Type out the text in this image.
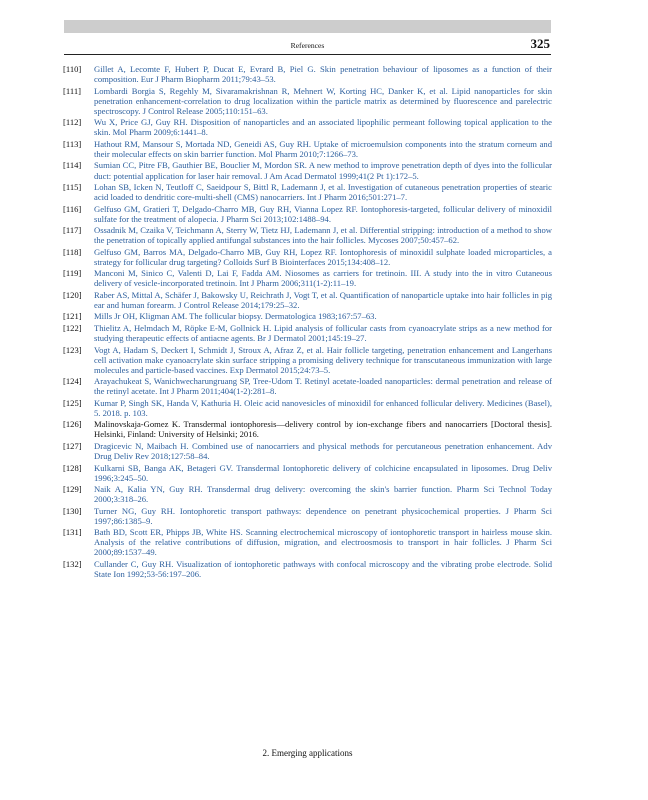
References	325
[110] Gillet A, Lecomte F, Hubert P, Ducat E, Evrard B, Piel G. Skin penetration behaviour of liposomes as a function of their composition. Eur J Pharm Biopharm 2011;79:43–53.
[111] Lombardi Borgia S, Regehly M, Sivaramakrishnan R, Mehnert W, Korting HC, Danker K, et al. Lipid nanoparticles for skin penetration enhancement-correlation to drug localization within the particle matrix as determined by fluorescence and parelectric spectroscopy. J Control Release 2005;110:151–63.
[112] Wu X, Price GJ, Guy RH. Disposition of nanoparticles and an associated lipophilic permeant following topical application to the skin. Mol Pharm 2009;6:1441–8.
[113] Hathout RM, Mansour S, Mortada ND, Geneidi AS, Guy RH. Uptake of microemulsion components into the stratum corneum and their molecular effects on skin barrier function. Mol Pharm 2010;7:1266–73.
[114] Sumian CC, Pitre FB, Gauthier BE, Bouclier M, Mordon SR. A new method to improve penetration depth of dyes into the follicular duct: potential application for laser hair removal. J Am Acad Dermatol 1999;41(2 Pt 1):172–5.
[115] Lohan SB, Icken N, Teutloff C, Saeidpour S, Bittl R, Lademann J, et al. Investigation of cutaneous penetration properties of stearic acid loaded to dendritic core-multi-shell (CMS) nanocarriers. Int J Pharm 2016;501:271–7.
[116] Gelfuso GM, Gratieri T, Delgado-Charro MB, Guy RH, Vianna Lopez RF. Iontophoresis-targeted, follicular delivery of minoxidil sulfate for the treatment of alopecia. J Pharm Sci 2013;102:1488–94.
[117] Ossadnik M, Czaika V, Teichmann A, Sterry W, Tietz HJ, Lademann J, et al. Differential stripping: introduction of a method to show the penetration of topically applied antifungal substances into the hair follicles. Mycoses 2007;50:457–62.
[118] Gelfuso GM, Barros MA, Delgado-Charro MB, Guy RH, Lopez RF. Iontophoresis of minoxidil sulphate loaded microparticles, a strategy for follicular drug targeting? Colloids Surf B Biointerfaces 2015;134:408–12.
[119] Manconi M, Sinico C, Valenti D, Lai F, Fadda AM. Niosomes as carriers for tretinoin. III. A study into the in vitro Cutaneous delivery of vesicle-incorporated tretinoin. Int J Pharm 2006;311(1-2):11–19.
[120] Raber AS, Mittal A, Schäfer J, Bakowsky U, Reichrath J, Vogt T, et al. Quantification of nanoparticle uptake into hair follicles in pig ear and human forearm. J Control Release 2014;179:25–32.
[121] Mills Jr OH, Kligman AM. The follicular biopsy. Dermatologica 1983;167:57–63.
[122] Thielitz A, Helmdach M, Röpke E-M, Gollnick H. Lipid analysis of follicular casts from cyanoacrylate strips as a new method for studying therapeutic effects of antiacne agents. Br J Dermatol 2001;145:19–27.
[123] Vogt A, Hadam S, Deckert I, Schmidt J, Stroux A, Afraz Z, et al. Hair follicle targeting, penetration enhancement and Langerhans cell activation make cyanoacrylate skin surface stripping a promising delivery technique for transcutaneous immunization with large molecules and particle-based vaccines. Exp Dermatol 2015;24:73–5.
[124] Arayachukeat S, Wanichwecharungruang SP, Tree-Udom T. Retinyl acetate-loaded nanoparticles: dermal penetration and release of the retinyl acetate. Int J Pharm 2011;404(1-2):281–8.
[125] Kumar P, Singh SK, Handa V, Kathuria H. Oleic acid nanovesicles of minoxidil for enhanced follicular delivery. Medicines (Basel), 5. 2018. p. 103.
[126] Malinovskaja-Gomez K. Transdermal iontophoresis—delivery control by ion-exchange fibers and nanocarriers [Doctoral thesis]. Helsinki, Finland: University of Helsinki; 2016.
[127] Dragicevic N, Maibach H. Combined use of nanocarriers and physical methods for percutaneous penetration enhancement. Adv Drug Deliv Rev 2018;127:58–84.
[128] Kulkarni SB, Banga AK, Betageri GV. Transdermal Iontophoretic delivery of colchicine encapsulated in liposomes. Drug Deliv 1996;3:245–50.
[129] Naik A, Kalia YN, Guy RH. Transdermal drug delivery: overcoming the skin's barrier function. Pharm Sci Technol Today 2000;3:318–26.
[130] Turner NG, Guy RH. Iontophoretic transport pathways: dependence on penetrant physicochemical properties. J Pharm Sci 1997;86:1385–9.
[131] Bath BD, Scott ER, Phipps JB, White HS. Scanning electrochemical microscopy of iontophoretic transport in hairless mouse skin. Analysis of the relative contributions of diffusion, migration, and electroosmosis to transport in hair follicles. J Pharm Sci 2000;89:1537–49.
[132] Cullander C, Guy RH. Visualization of iontophoretic pathways with confocal microscopy and the vibrating probe electrode. Solid State Ion 1992;53-56:197–206.
2. Emerging applications
